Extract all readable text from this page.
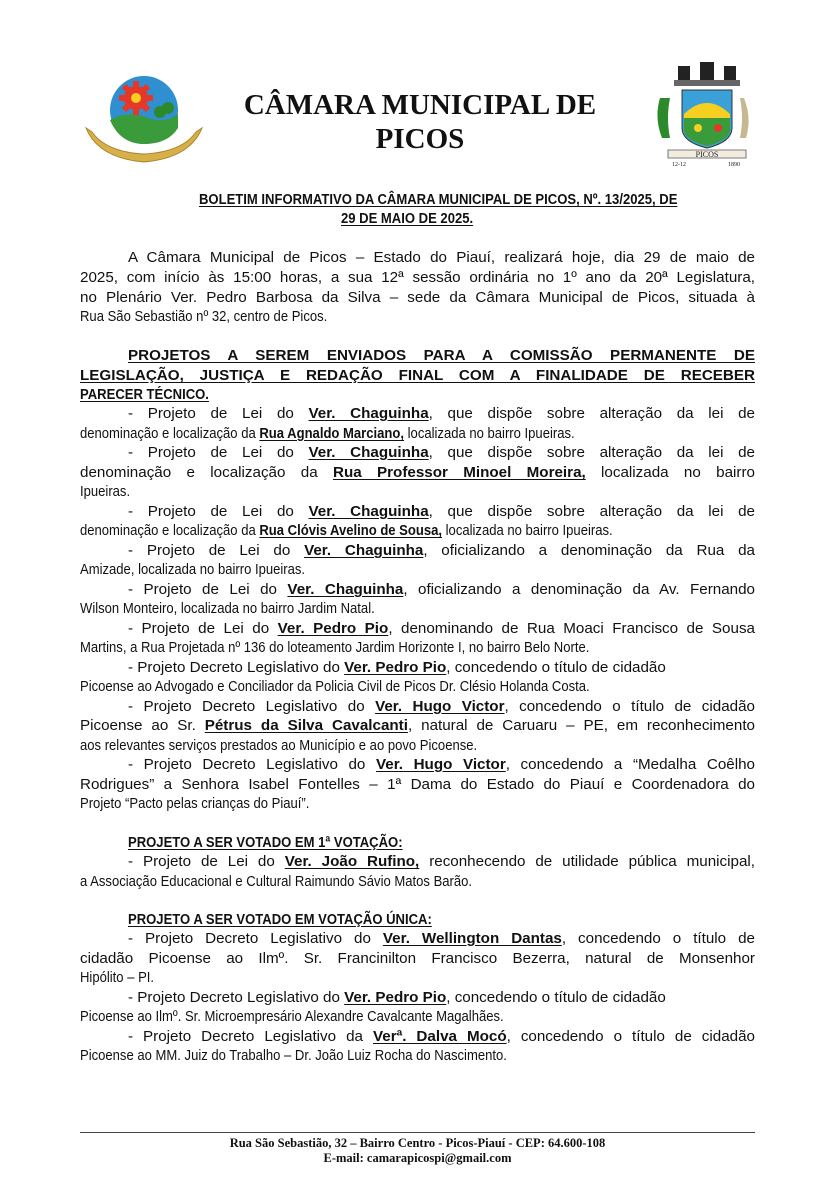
CÂMARA MUNICIPAL DE
PICOS	PICOS
12-12	1890
BOLETIM INFORMATIVO DA CÂMARA MUNICIPAL DE PICOS, Nº. 13/2025, DE
29 DE MAIO DE 2025.
A Câmara Municipal de Picos – Estado do Piauí, realizará hoje, dia 29 de maio de
2025, com início às 15:00 horas, a sua 12ª sessão ordinária no 1º ano da 20ª Legislatura,
no Plenário Ver. Pedro Barbosa da Silva – sede da Câmara Municipal de Picos, situada à
Rua São Sebastião nº 32, centro de Picos.
PROJETOS A SEREM ENVIADOS PARA A COMISSÃO PERMANENTE DE
LEGISLAÇÃO, JUSTIÇA E REDAÇÃO FINAL COM A FINALIDADE DE RECEBER
PARECER TÉCNICO.
- Projeto de Lei do Ver. Chaguinha, que dispõe sobre alteração da lei de
denominação e localização da Rua Agnaldo Marciano, localizada no bairro Ipueiras.
- Projeto de Lei do Ver. Chaguinha, que dispõe sobre alteração da lei de
denominação e localização da Rua Professor Minoel Moreira, localizada no bairro
Ipueiras.
- Projeto de Lei do Ver. Chaguinha, que dispõe sobre alteração da lei de
denominação e localização da Rua Clóvis Avelino de Sousa, localizada no bairro Ipueiras.
- Projeto de Lei do Ver. Chaguinha, oficializando a denominação da Rua da
Amizade, localizada no bairro Ipueiras.
- Projeto de Lei do Ver. Chaguinha, oficializando a denominação da Av. Fernando
Wilson Monteiro, localizada no bairro Jardim Natal.
- Projeto de Lei do Ver. Pedro Pio, denominando de Rua Moaci Francisco de Sousa
Martins, a Rua Projetada nº 136 do loteamento Jardim Horizonte I, no bairro Belo Norte.
- Projeto Decreto Legislativo do Ver. Pedro Pio, concedendo o título de cidadão
Picoense ao Advogado e Conciliador da Policia Civil de Picos Dr. Clésio Holanda Costa.
- Projeto Decreto Legislativo do Ver. Hugo Victor, concedendo o título de cidadão
Picoense ao Sr. Pétrus da Silva Cavalcanti, natural de Caruaru – PE, em reconhecimento
aos relevantes serviços prestados ao Município e ao povo Picoense.
- Projeto Decreto Legislativo do Ver. Hugo Victor, concedendo a “Medalha Coêlho
Rodrigues” a Senhora Isabel Fontelles – 1ª Dama do Estado do Piauí e Coordenadora do
Projeto “Pacto pelas crianças do Piauí”.
PROJETO A SER VOTADO EM 1ª VOTAÇÃO:
- Projeto de Lei do Ver. João Rufino, reconhecendo de utilidade pública municipal,
a Associação Educacional e Cultural Raimundo Sávio Matos Barão.
PROJETO A SER VOTADO EM VOTAÇÃO ÚNICA:
- Projeto Decreto Legislativo do Ver. Wellington Dantas, concedendo o título de
cidadão Picoense ao Ilmº. Sr. Francinilton Francisco Bezerra, natural de Monsenhor
Hipólito – PI.
- Projeto Decreto Legislativo do Ver. Pedro Pio, concedendo o título de cidadão
Picoense ao Ilmº. Sr. Microempresário Alexandre Cavalcante Magalhães.
- Projeto Decreto Legislativo da Verª. Dalva Mocó, concedendo o título de cidadão
Picoense ao MM. Juiz do Trabalho – Dr. João Luiz Rocha do Nascimento.
Rua São Sebastião, 32 – Bairro Centro - Picos-Piauí - CEP: 64.600-108
E-mail: camarapicospi@gmail.com
